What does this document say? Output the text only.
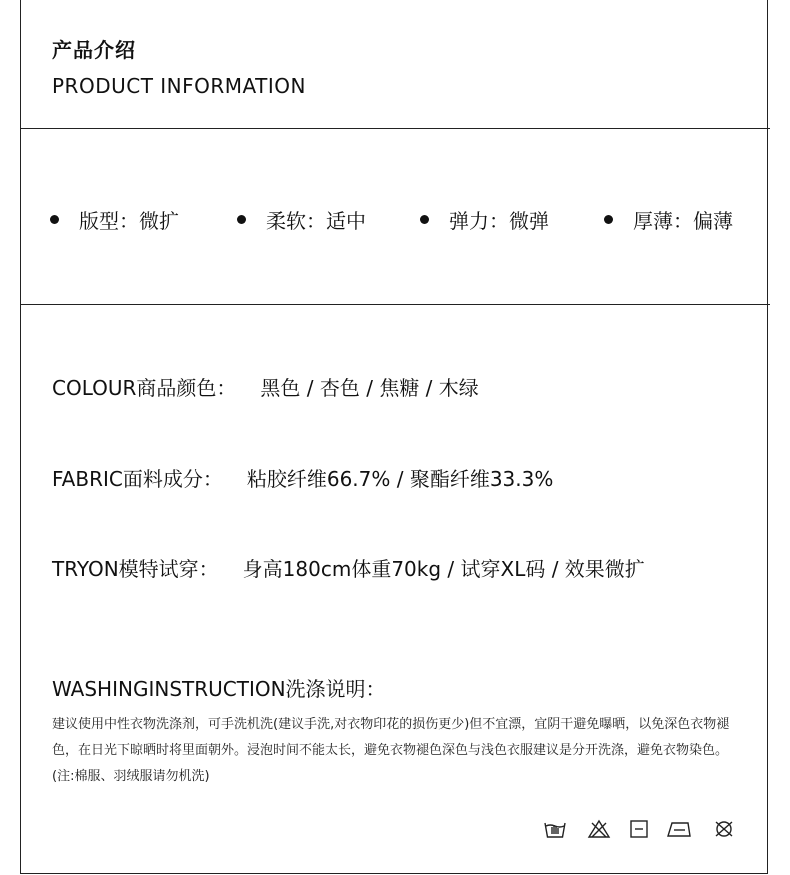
产品介绍
PRODUCT INFORMATION
版型：微扩	柔软：适中	弹力：微弹	厚薄：偏薄
COLOUR商品颜色： 黑色 / 杏色 / 焦糖 / 木绿
FABRIC面料成分： 粘胶纤维66.7% / 聚酯纤维33.3%
TRYON模特试穿： 身高180cm体重70kg / 试穿XL码 / 效果微扩
WASHINGINSTRUCTION洗涤说明：
建议使用中性衣物洗涤剂，可手洗机洗(建议手洗,对衣物印花的损伤更少)但不宜漂，宜阴干避免曝晒，以免深色衣物褪色，在日光下晾晒时将里面朝外。浸泡时间不能太长，避免衣物褪色深色与浅色衣服建议是分开洗涤，避免衣物染色。(注:棉服、羽绒服请勿机洗)
